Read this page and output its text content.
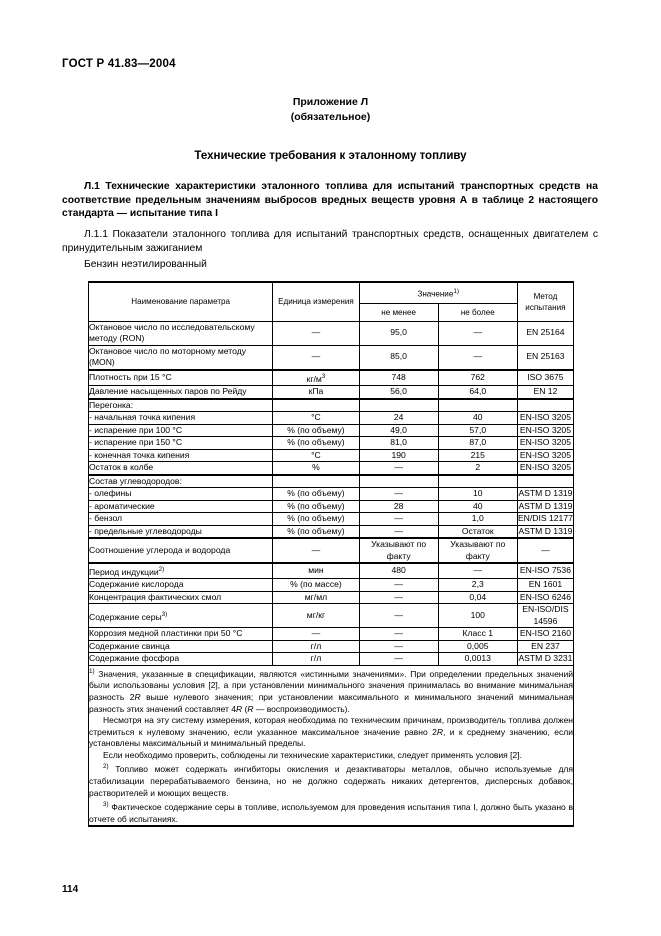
ГОСТ Р 41.83—2004
Приложение Л
(обязательное)
Технические требования к эталонному топливу
Л.1 Технические характеристики эталонного топлива для испытаний транспортных средств на соответствие предельным значениям выбросов вредных веществ уровня А в таблице 2 настоящего стандарта — испытание типа I
Л.1.1 Показатели эталонного топлива для испытаний транспортных средств, оснащенных двигателем с принудительным зажиганием
Бензин неэтилированный
Наименование параметра	Единица измерения	Значение$^{1)}$		Метод испытания
		не менее	не более	
Октановое число по исследовательскому методу (RON)	—	95,0	—	EN 25164
Октановое число по моторному методу (MON)	—	85,0	—	EN 25163
Плотность при 15 °C	кг/м$^3$	748	762	ISO 3675
Давление насыщенных паров по Рейду	кПа	56,0	64,0	EN 12
Перегонка:				
- начальная точка кипения	°C	24	40	EN-ISO 3205
- испарение при 100 °C	% (по объему)	49,0	57,0	EN-ISO 3205
- испарение при 150 °C	% (по объему)	81,0	87,0	EN-ISO 3205
- конечная точка кипения	°C	190	215	EN-ISO 3205
Остаток в колбе	%	—	2	EN-ISO 3205
Состав углеводородов:				
- олефины	% (по объему)	—	10	ASTM D 1319
- ароматические	% (по объему)	28	40	ASTM D 1319
- бензол	% (по объему)	—	1,0	EN/DIS 12177
- предельные углеводороды	% (по объему)	—	Остаток	ASTM D 1319
Соотношение углерода и водорода	—	Указывают по факту	Указывают по факту	—
Период индукции$^{2)}$	мин	480	—	EN-ISO 7536
Содержание кислорода	% (по массе)	—	2,3	EN 1601
Концентрация фактических смол	мг/мл	—	0,04	EN-ISO 6246
Содержание серы$^{3)}$	мг/кг	—	100	EN-ISO/DIS 14596
Коррозия медной пластинки при 50 °C	—	—	Класс 1	EN-ISO 2160
Содержание свинца	г/л	—	0,005	EN 237
Содержание фосфора	г/л	—	0,0013	ASTM D 3231

$^{1)}$ Значения, указанные в спецификации, являются «истинными значениями». При определении предельных значений были использованы условия [2], а при установлении минимального значения принималась во внимание минимальная разность 2R выше нулевого значения; при установлении максимального и минимального значений минимальная разность этих значений составляет 4R (R — воспроизводимость).

Несмотря на эту систему измерения, которая необходима по техническим причинам, производитель топлива должен стремиться к нулевому значению, если указанное максимальное значение равно 2R, и к среднему значению, если установлены максимальный и минимальный пределы.

Если необходимо проверить, соблюдены ли технические характеристики, следует применять условия [2].

$^{2)}$ Топливо может содержать ингибиторы окисления и дезактиваторы металлов, обычно используемые для стабилизации перерабатываемого бензина, но не должно содержать никаких детергентов, дисперсных добавок, растворителей и моющих веществ.

$^{3)}$ Фактическое содержание серы в топливе, используемом для проведения испытания типа I, должно быть указано в отчете об испытаниях.				

114
